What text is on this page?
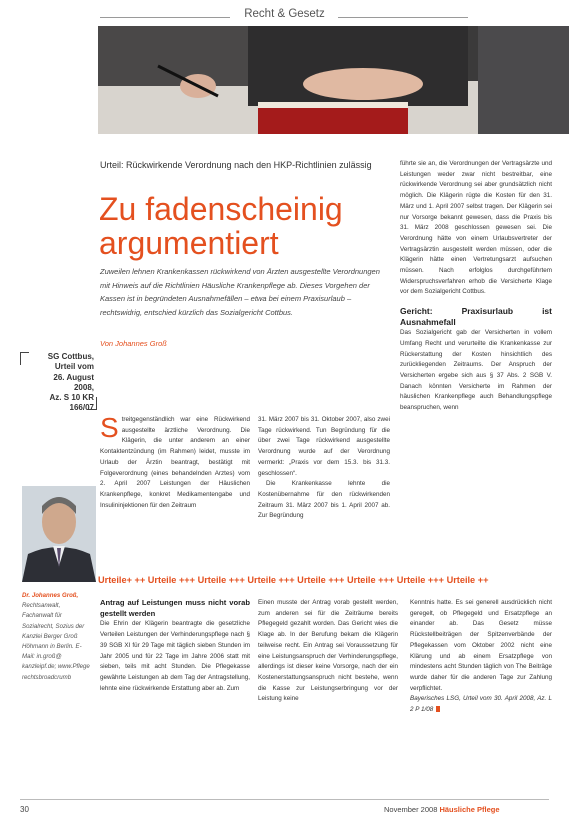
Recht & Gesetz
Urteil: Rückwirkende Verordnung nach den HKP-Richtlinien zulässig
Zu fadenscheinig argumentiert
Zuweilen lehnen Krankenkassen rückwirkend von Ärzten ausgestellte Verordnungen mit Hinweis auf die Richtlinien Häusliche Krankenpflege ab. Dieses Vorgehen der Kassen ist in begründeten Ausnahmefällen – etwa bei einem Praxisurlaub – rechtswidrig, entschied kürzlich das Sozialgericht Cottbus.
Von Johannes Groß
SG Cottbus,
Urteil vom
26. August
2008,
Az. S 10 KR
166/07
S treitgegenständlich war eine Rückwirkend ausgestellte ärztliche Verordnung. Die Klägerin, die unter anderem an einer Kontaktentzündung (im Rahmen) leidet, musste im Urlaub der Ärztin beantragt, bestätigt mit Folgeverordnung (eines behandelnden Arztes) vom 2. April 2007 Leistungen der Häuslichen Krankenpflege, konkret Medikamentengabe und Insulininjektionen für den Zeitraum

31. März 2007 bis 31. Oktober 2007, also zwei Tage rückwirkend. Tun Begründung für die über zwei Tage rückwirkend ausgestellte Verordnung wurde auf der Verordnung vermerkt: „Praxis vor dem 15.3. bis 31.3. geschlossen“.

Die Krankenkasse lehnte die Kostenübernahme für den rückwirkenden Zeitraum 31. März 2007 bis 1. April 2007 ab. Zur Begründung

führte sie an, die Verordnungen der Vertragsärzte und Leistungen weder zwar nicht bestreitbar, eine rückwirkende Verordnung sei aber grundsätzlich nicht möglich. Die Klägerin rügte die Kosten für den 31. März und 1. April 2007 selbst tragen. Der Klägerin sei nur Vorsorge bekannt gewesen, dass die Praxis bis 31. März 2008 geschlossen gewesen sei. Die Verordnung hätte von einem Urlaubsvertreter der Vertragsärztin ausgestellt werden müssen, oder die Klägerin hätte einen Vertretungsarzt aufsuchen müssen. Nach erfolglos durchgeführtem Widerspruchsverfahren erhob die Versicherte Klage vor dem Sozialgericht Cottbus.

Gericht: Praxisurlaub ist Ausnahmefall

Das Sozialgericht gab der Versicherten in vollem Umfang Recht und verurteilte die Krankenkasse zur Rückerstattung der Kosten hinsichtlich des zurückliegenden Zeitraums. Der Anspruch der Versicherten ergebe sich aus § 37 Abs. 2 SGB V. Danach könnten Versicherte im Rahmen der häuslichen Krankenpflege auch Behandlungspflege beanspruchen, wenn

Dr. Johannes Groß,
Rechtsanwalt, Fachanwalt für Sozialrecht, Sozius der Kanzlei Berger Groß Höhmann in Berlin. E-Mail: in.groß@ kanzleipf.de; www.Pflege rechtsbroadcrumb
Urteile+ ++ Urteile +++ Urteile +++ Urteile +++ Urteile +++ Urteile +++ Urteile +++ Urteile ++

Antrag auf Leistungen muss nicht vorab gestellt werden

Die Ehrin der Klägerin beantragte die gesetzliche Verteilen Leistungen der Verhinderungspflege nach § 39 SGB XI für 29 Tage mit täglich sieben Stunden im Jahr 2005 und für 22 Tage im Jahre 2006 statt mit sieben, teils mit acht Stunden. Die Pflegekasse gewährte Leistungen ab dem Tag der Antragstellung, lehnte eine rückwirkende Erstattung aber ab. Zum

Einen musste der Antrag vorab gestellt werden, zum anderen sei für die Zeiträume bereits Pflegegeld gezahlt worden. Das Gericht wies die Klage ab. In der Berufung bekam die Klägerin teilweise recht. Ein Antrag sei Voraussetzung für eine Leistungsanspruch der Verhinderungspflege, allerdings ist dieser keine Vorsorge, nach der ein Kostenerstattungsanspruch nicht bestehe, wenn die Kasse zur Leistungserbringung vor der Leistung keine

Kenntnis hatte. Es sei generell ausdrücklich nicht geregelt, ob Pflegegeld und Ersatzpflege an einander ab. Das Gesetz müsse Rückstellbeiträgen der Spitzenverbände der Pflegekassen vom Oktober 2002 nicht eine Klärung und ab einem Ersatzpflege von mindestens acht Stunden täglich von The Beiträge wurde daher für die anderen Tage zur Zahlung verpflichtet.

Bayerisches LSG, Urteil vom 30. April 2008, Az. L 2 P 1/08

30	November 2008 Häusliche Pflege
